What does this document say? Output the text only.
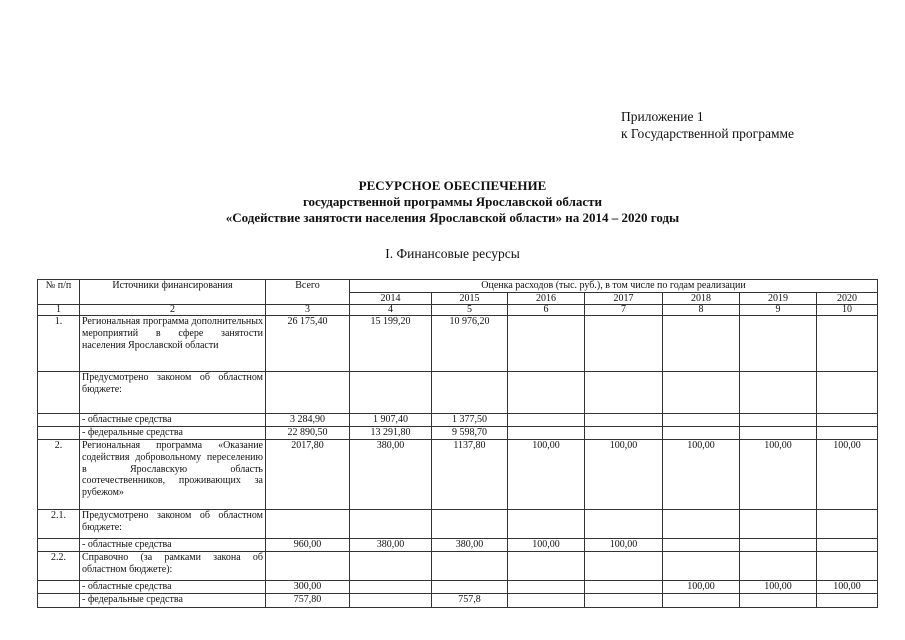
Приложение 1
к Государственной программе
РЕСУРСНОЕ ОБЕСПЕЧЕНИЕ
государственной программы Ярославской области
«Содействие занятости населения Ярославской области» на 2014 – 2020 годы
I. Финансовые ресурсы
№ п/п	Источники финансирования	Всего	Оценка расходов (тыс. руб.), в том числе по годам реализации						
			2014	2015	2016	2017	2018	2019	2020
1	2	3	4	5	6	7	8	9	10
1.	Региональная программа дополнительных мероприятий в сфере занятости населения Ярославской области	26 175,40	15 199,20	10 976,20					
	Предусмотрено законом об областном бюджете:								
	- областные средства	3 284,90	1 907,40	1 377,50					
	- федеральные средства	22 890,50	13 291,80	9 598,70					
2.	Региональная программа «Оказание содействия добровольному переселению в Ярославскую область соотечественников, проживающих за рубежом»	2017,80	380,00	1137,80	100,00	100,00	100,00	100,00	100,00
2.1.	Предусмотрено законом об областном бюджете:								
	- областные средства	960,00	380,00	380,00	100,00	100,00			
2.2.	Справочно (за рамками закона об областном бюджете):								
	- областные средства	300,00					100,00	100,00	100,00
	- федеральные средства	757,80		757,8					
